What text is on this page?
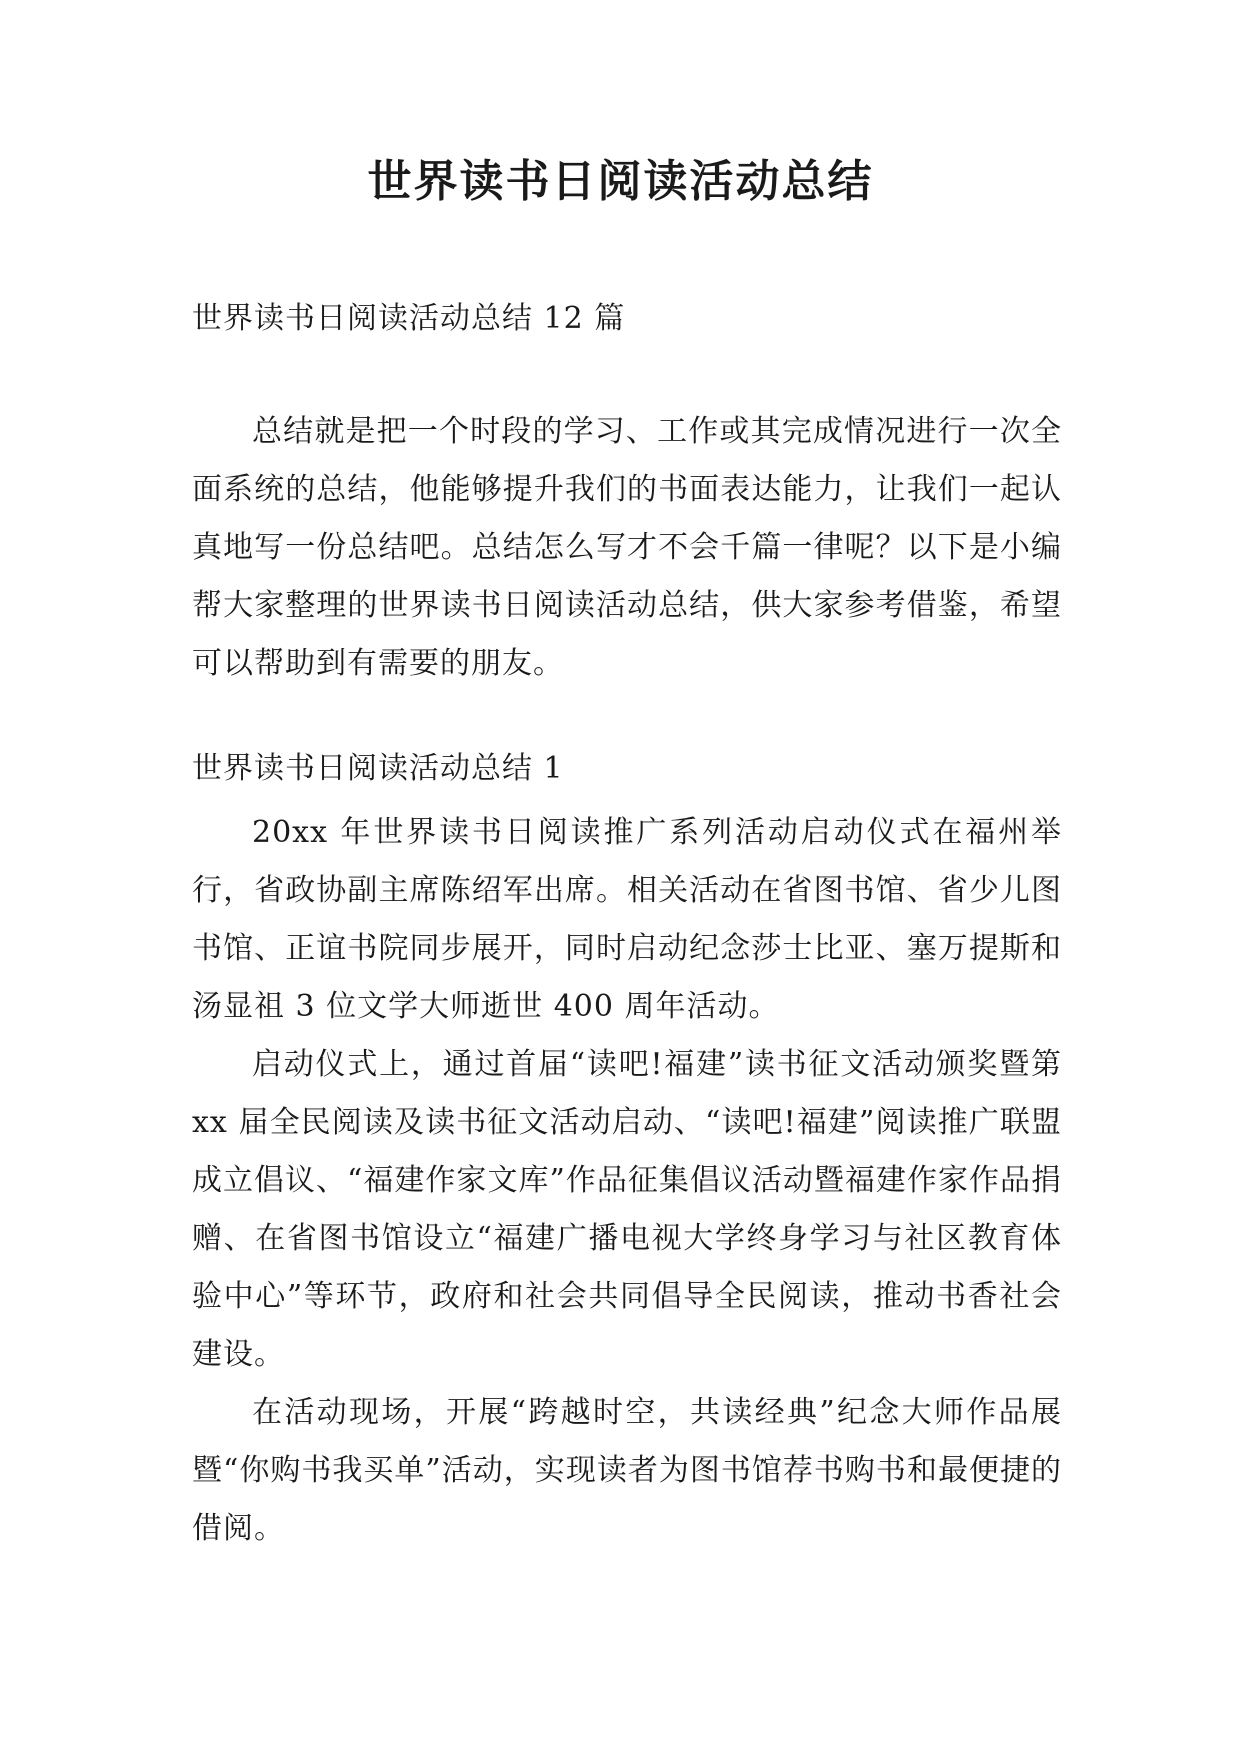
世界读书日阅读活动总结

世界读书日阅读活动总结 12 篇

总结就是把一个时段的学习、工作或其完成情况进行一次全面系统的总结，他能够提升我们的书面表达能力，让我们一起认真地写一份总结吧。总结怎么写才不会千篇一律呢？以下是小编帮大家整理的世界读书日阅读活动总结，供大家参考借鉴，希望可以帮助到有需要的朋友。

世界读书日阅读活动总结 1

20xx 年世界读书日阅读推广系列活动启动仪式在福州举行，省政协副主席陈绍军出席。相关活动在省图书馆、省少儿图书馆、正谊书院同步展开，同时启动纪念莎士比亚、塞万提斯和汤显祖 3 位文学大师逝世 400 周年活动。

启动仪式上，通过首届“读吧!福建”读书征文活动颁奖暨第 xx 届全民阅读及读书征文活动启动、“读吧!福建”阅读推广联盟成立倡议、“福建作家文库”作品征集倡议活动暨福建作家作品捐赠、在省图书馆设立“福建广播电视大学终身学习与社区教育体验中心”等环节，政府和社会共同倡导全民阅读，推动书香社会建设。

在活动现场，开展“跨越时空，共读经典”纪念大师作品展暨“你购书我买单”活动，实现读者为图书馆荐书购书和最便捷的借阅。
